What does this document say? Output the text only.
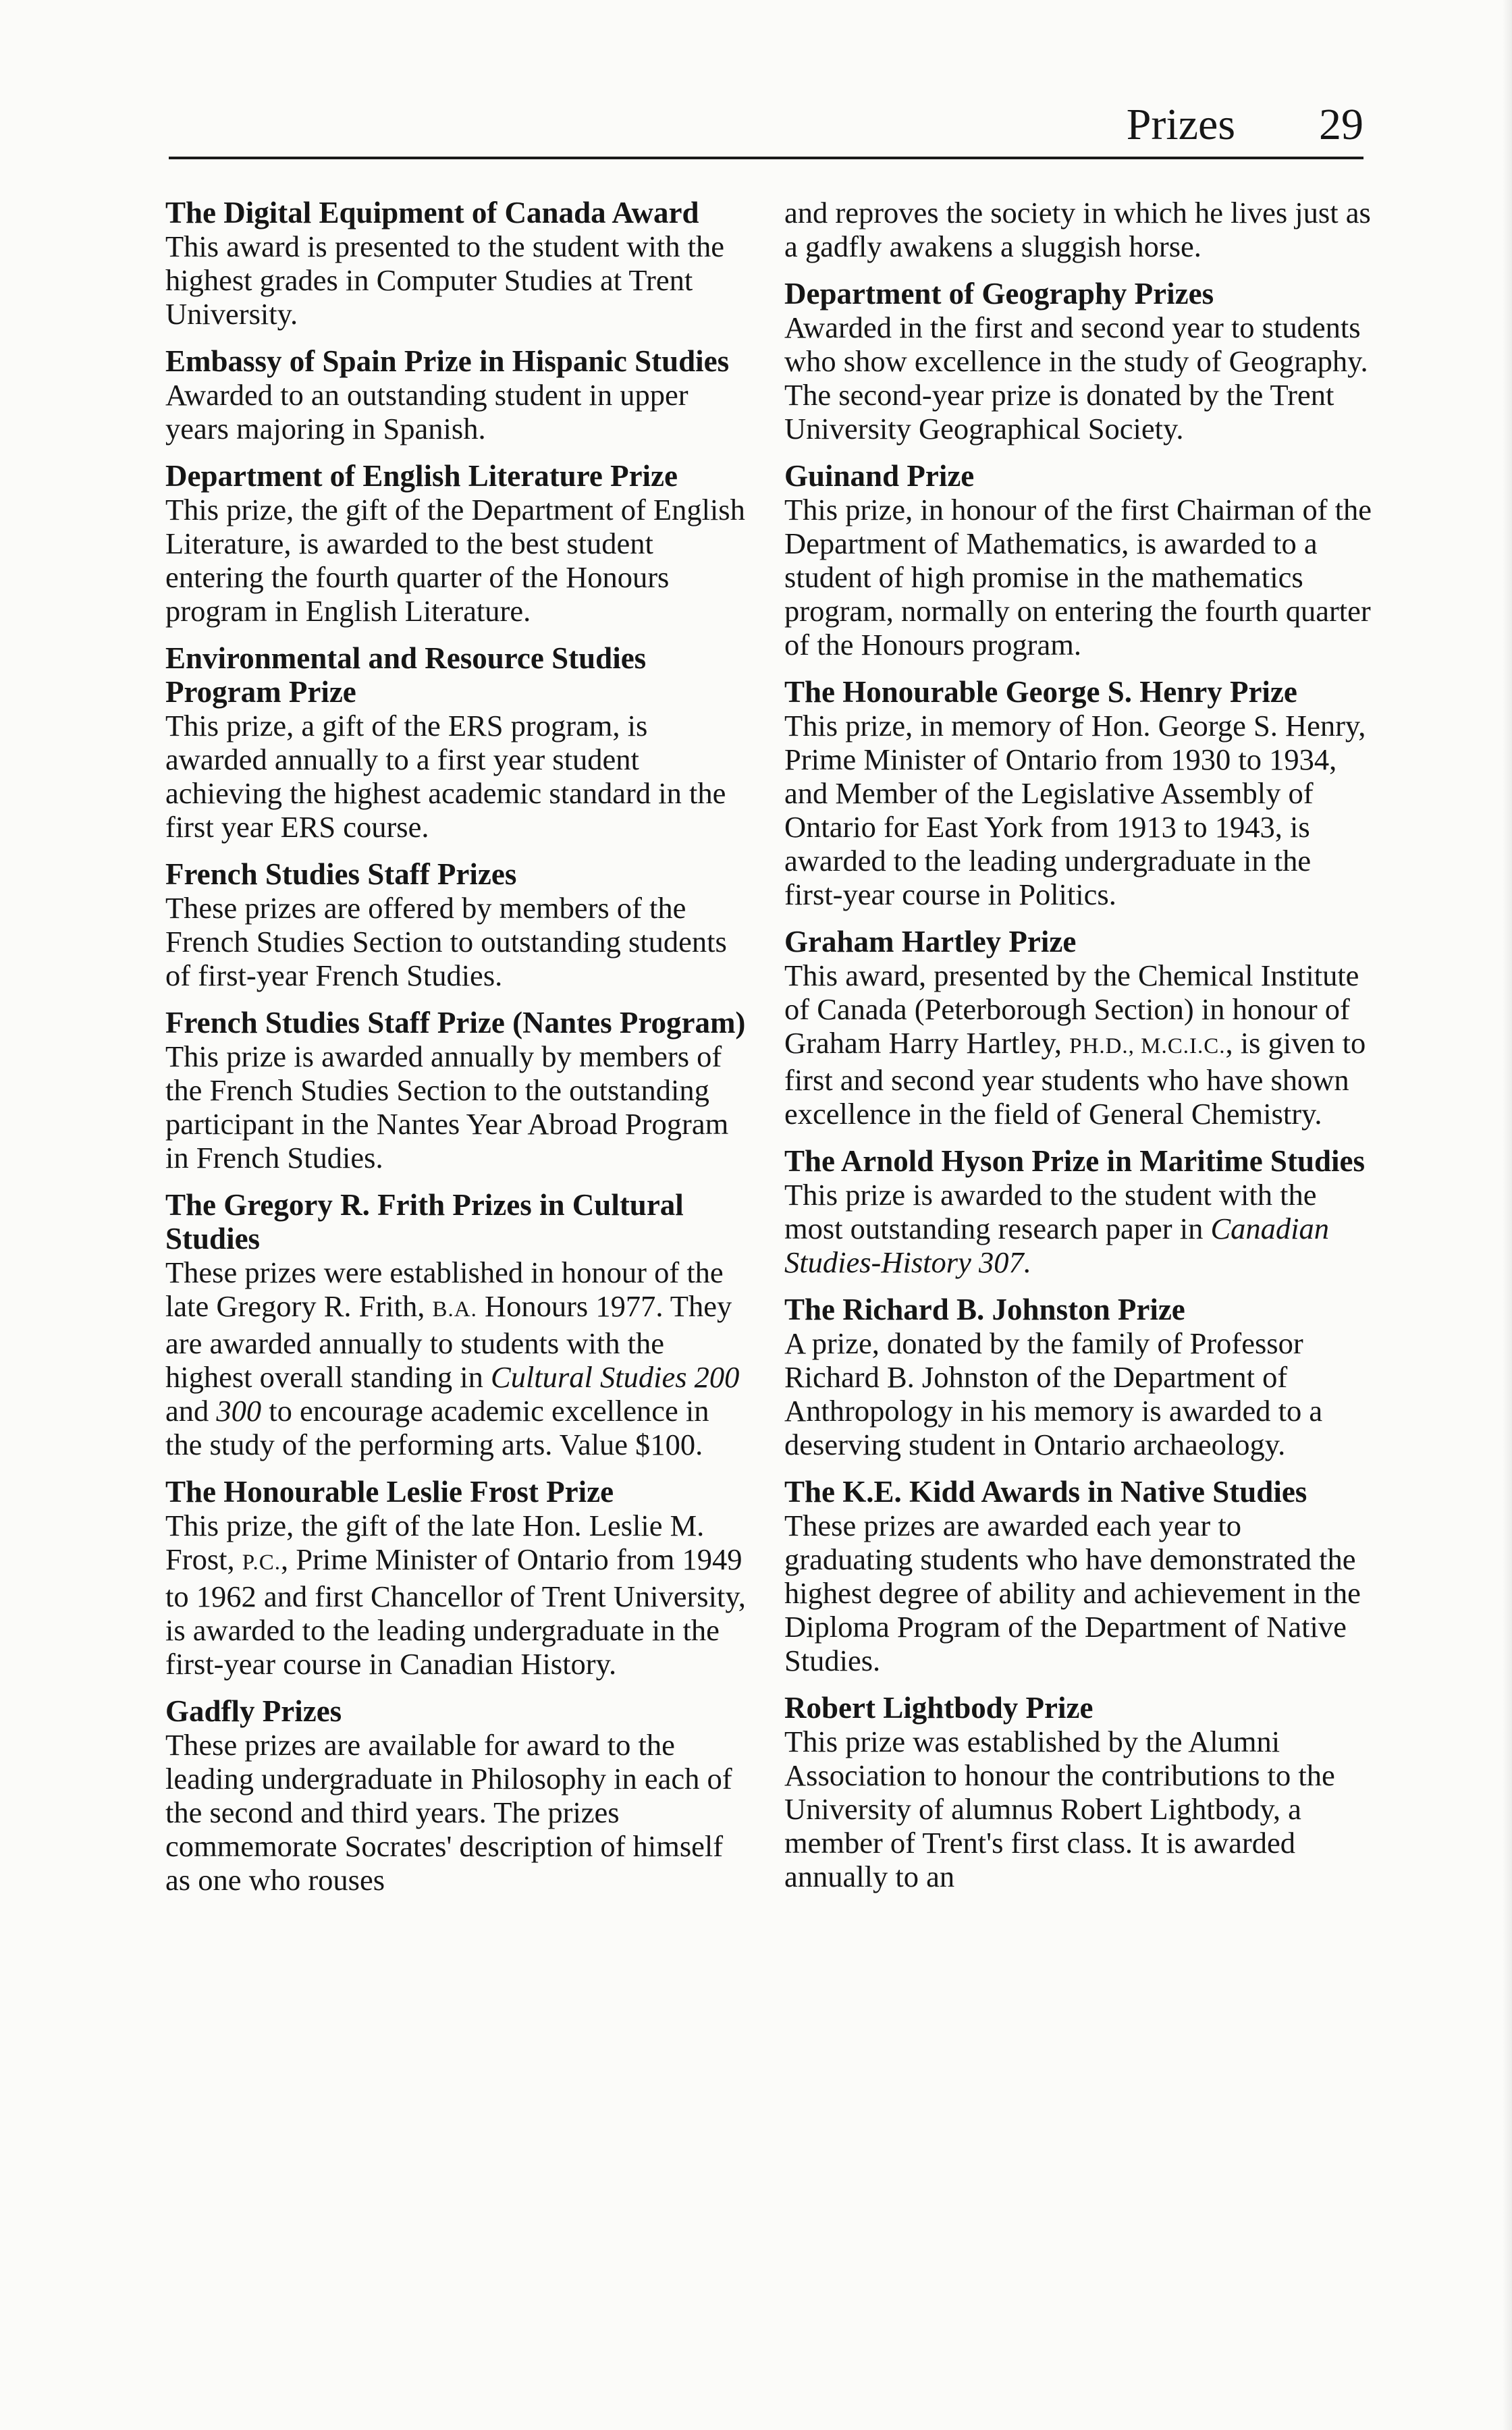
Prizes 29

The Digital Equipment of Canada Award

This award is presented to the student with the highest grades in Computer Studies at Trent University.

Embassy of Spain Prize in Hispanic Studies

Awarded to an outstanding student in upper years majoring in Spanish.

Department of English Literature Prize

This prize, the gift of the Department of English Literature, is awarded to the best student entering the fourth quarter of the Honours program in English Literature.

Environmental and Resource Studies Program Prize

This prize, a gift of the ERS program, is awarded annually to a first year student achieving the highest academic standard in the first year ERS course.

French Studies Staff Prizes

These prizes are offered by members of the French Studies Section to outstanding students of first-year French Studies.

French Studies Staff Prize (Nantes Program)

This prize is awarded annually by members of the French Studies Section to the outstanding participant in the Nantes Year Abroad Program in French Studies.

The Gregory R. Frith Prizes in Cultural Studies

These prizes were established in honour of the late Gregory R. Frith, B.A. Honours 1977. They are awarded annually to students with the highest overall standing in Cultural Studies 200 and 300 to encourage academic excellence in the study of the performing arts. Value $100.

The Honourable Leslie Frost Prize

This prize, the gift of the late Hon. Leslie M. Frost, P.C., Prime Minister of Ontario from 1949 to 1962 and first Chancellor of Trent University, is awarded to the leading undergraduate in the first-year course in Canadian History.

Gadfly Prizes

These prizes are available for award to the leading undergraduate in Philosophy in each of the second and third years. The prizes commemorate Socrates' description of himself as one who rouses

and reproves the society in which he lives just as a gadfly awakens a sluggish horse.

Department of Geography Prizes

Awarded in the first and second year to students who show excellence in the study of Geography. The second-year prize is donated by the Trent University Geographical Society.

Guinand Prize

This prize, in honour of the first Chairman of the Department of Mathematics, is awarded to a student of high promise in the mathematics program, normally on entering the fourth quarter of the Honours program.

The Honourable George S. Henry Prize

This prize, in memory of Hon. George S. Henry, Prime Minister of Ontario from 1930 to 1934, and Member of the Legislative Assembly of Ontario for East York from 1913 to 1943, is awarded to the leading undergraduate in the first-year course in Politics.

Graham Hartley Prize

This award, presented by the Chemical Institute of Canada (Peterborough Section) in honour of Graham Harry Hartley, PH.D., M.C.I.C., is given to first and second year students who have shown excellence in the field of General Chemistry.

The Arnold Hyson Prize in Maritime Studies

This prize is awarded to the student with the most outstanding research paper in Canadian Studies-History 307.

The Richard B. Johnston Prize

A prize, donated by the family of Professor Richard B. Johnston of the Department of Anthropology in his memory is awarded to a deserving student in Ontario archaeology.

The K.E. Kidd Awards in Native Studies

These prizes are awarded each year to graduating students who have demonstrated the highest degree of ability and achievement in the Diploma Program of the Department of Native Studies.

Robert Lightbody Prize

This prize was established by the Alumni Association to honour the contributions to the University of alumnus Robert Lightbody, a member of Trent's first class. It is awarded annually to an
